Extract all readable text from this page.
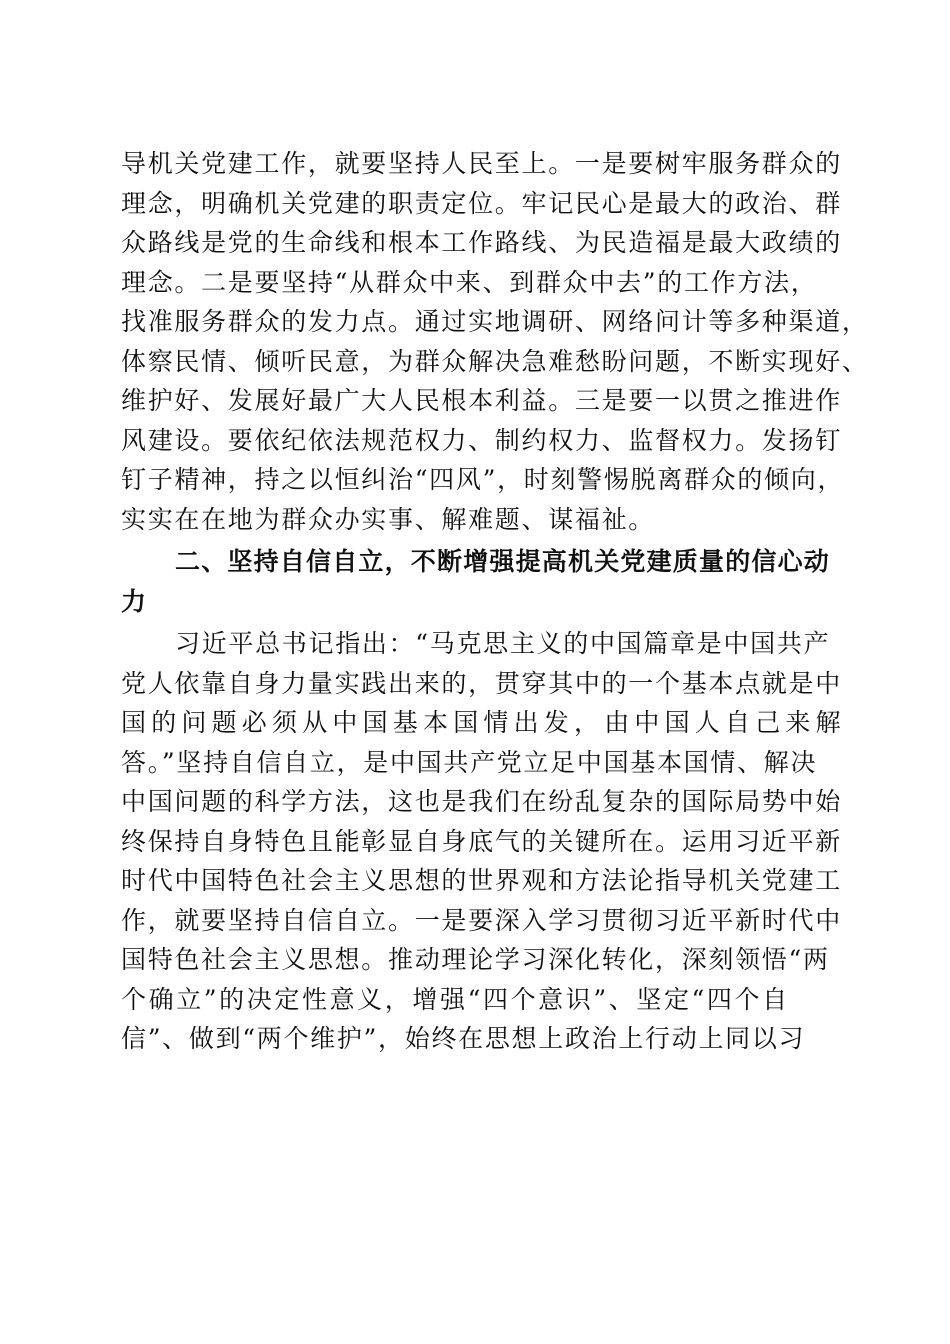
导机关党建工作，就要坚持人民至上。一是要树牢服务群众的
理念，明确机关党建的职责定位。牢记民心是最大的政治、群
众路线是党的生命线和根本工作路线、为民造福是最大政绩的
理念。二是要坚持“从群众中来、到群众中去”的工作方法，
找准服务群众的发力点。通过实地调研、网络问计等多种渠道，
体察民情、倾听民意，为群众解决急难愁盼问题，不断实现好、
维护好、发展好最广大人民根本利益。三是要一以贯之推进作
风建设。要依纪依法规范权力、制约权力、监督权力。发扬钉
钉子精神，持之以恒纠治“四风”，时刻警惕脱离群众的倾向，
实实在在地为群众办实事、解难题、谋福祉。
二、坚持自信自立，不断增强提高机关党建质量的信心动
力
习近平总书记指出：“马克思主义的中国篇章是中国共产
党人依靠自身力量实践出来的，贯穿其中的一个基本点就是中
国的问题必须从中国基本国情出发，由中国人自己来解
答。”坚持自信自立，是中国共产党立足中国基本国情、解决
中国问题的科学方法，这也是我们在纷乱复杂的国际局势中始
终保持自身特色且能彰显自身底气的关键所在。运用习近平新
时代中国特色社会主义思想的世界观和方法论指导机关党建工
作，就要坚持自信自立。一是要深入学习贯彻习近平新时代中
国特色社会主义思想。推动理论学习深化转化，深刻领悟“两
个确立”的决定性意义，增强“四个意识”、坚定“四个自
信”、做到“两个维护”，始终在思想上政治上行动上同以习
